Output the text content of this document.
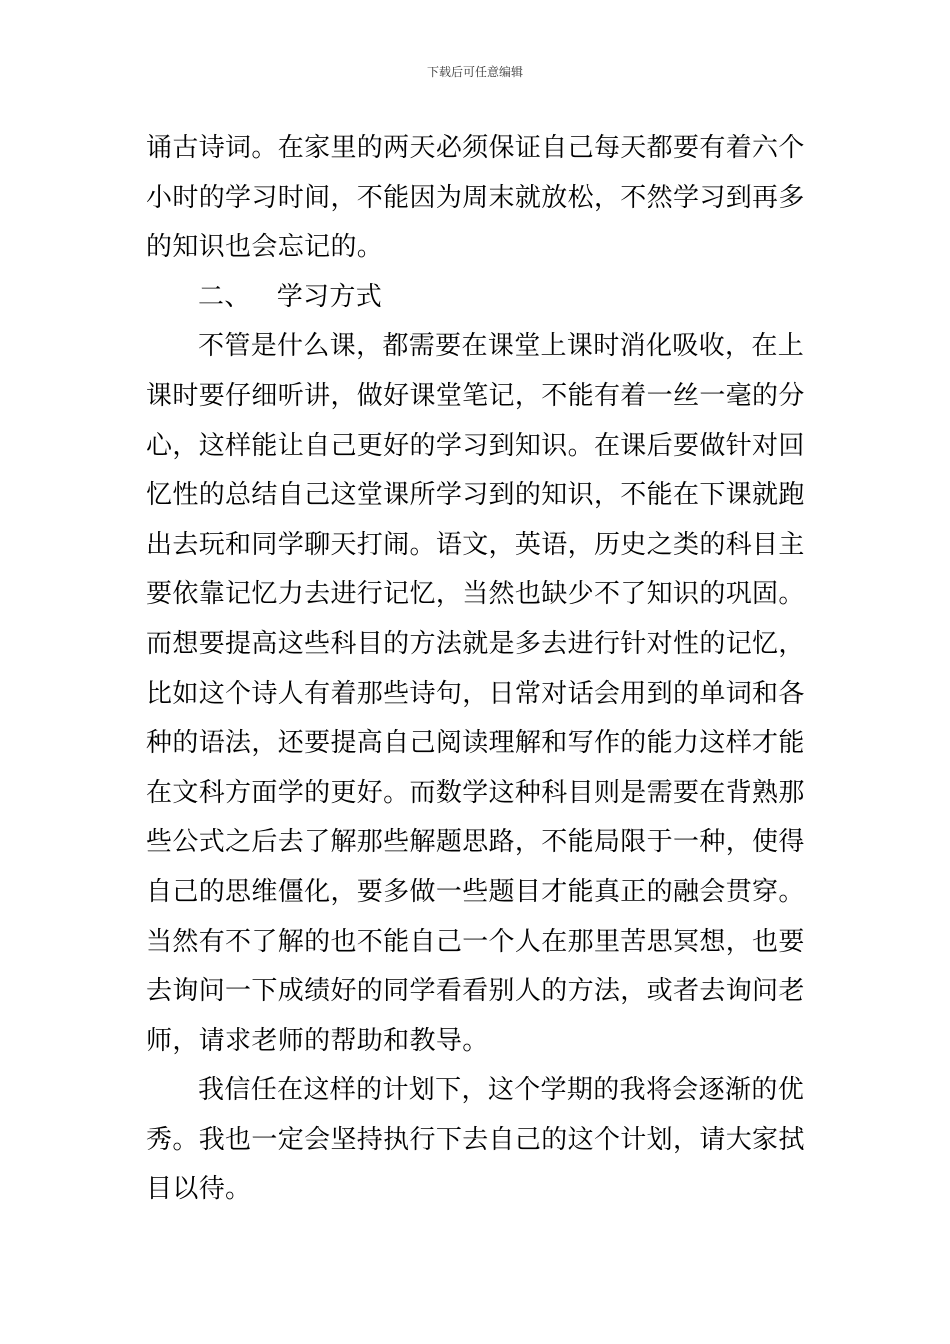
下载后可任意编辑
诵古诗词。在家里的两天必须保证自己每天都要有着六个
小时的学习时间，不能因为周末就放松，不然学习到再多
的知识也会忘记的。
二、 学习方式
不管是什么课，都需要在课堂上课时消化吸收，在上
课时要仔细听讲，做好课堂笔记，不能有着一丝一毫的分
心，这样能让自己更好的学习到知识。在课后要做针对回
忆性的总结自己这堂课所学习到的知识，不能在下课就跑
出去玩和同学聊天打闹。语文，英语，历史之类的科目主
要依靠记忆力去进行记忆，当然也缺少不了知识的巩固。
而想要提高这些科目的方法就是多去进行针对性的记忆，
比如这个诗人有着那些诗句，日常对话会用到的单词和各
种的语法，还要提高自己阅读理解和写作的能力这样才能
在文科方面学的更好。而数学这种科目则是需要在背熟那
些公式之后去了解那些解题思路，不能局限于一种，使得
自己的思维僵化，要多做一些题目才能真正的融会贯穿。
当然有不了解的也不能自己一个人在那里苦思冥想，也要
去询问一下成绩好的同学看看别人的方法，或者去询问老
师，请求老师的帮助和教导。
我信任在这样的计划下，这个学期的我将会逐渐的优
秀。我也一定会坚持执行下去自己的这个计划，请大家拭
目以待。
